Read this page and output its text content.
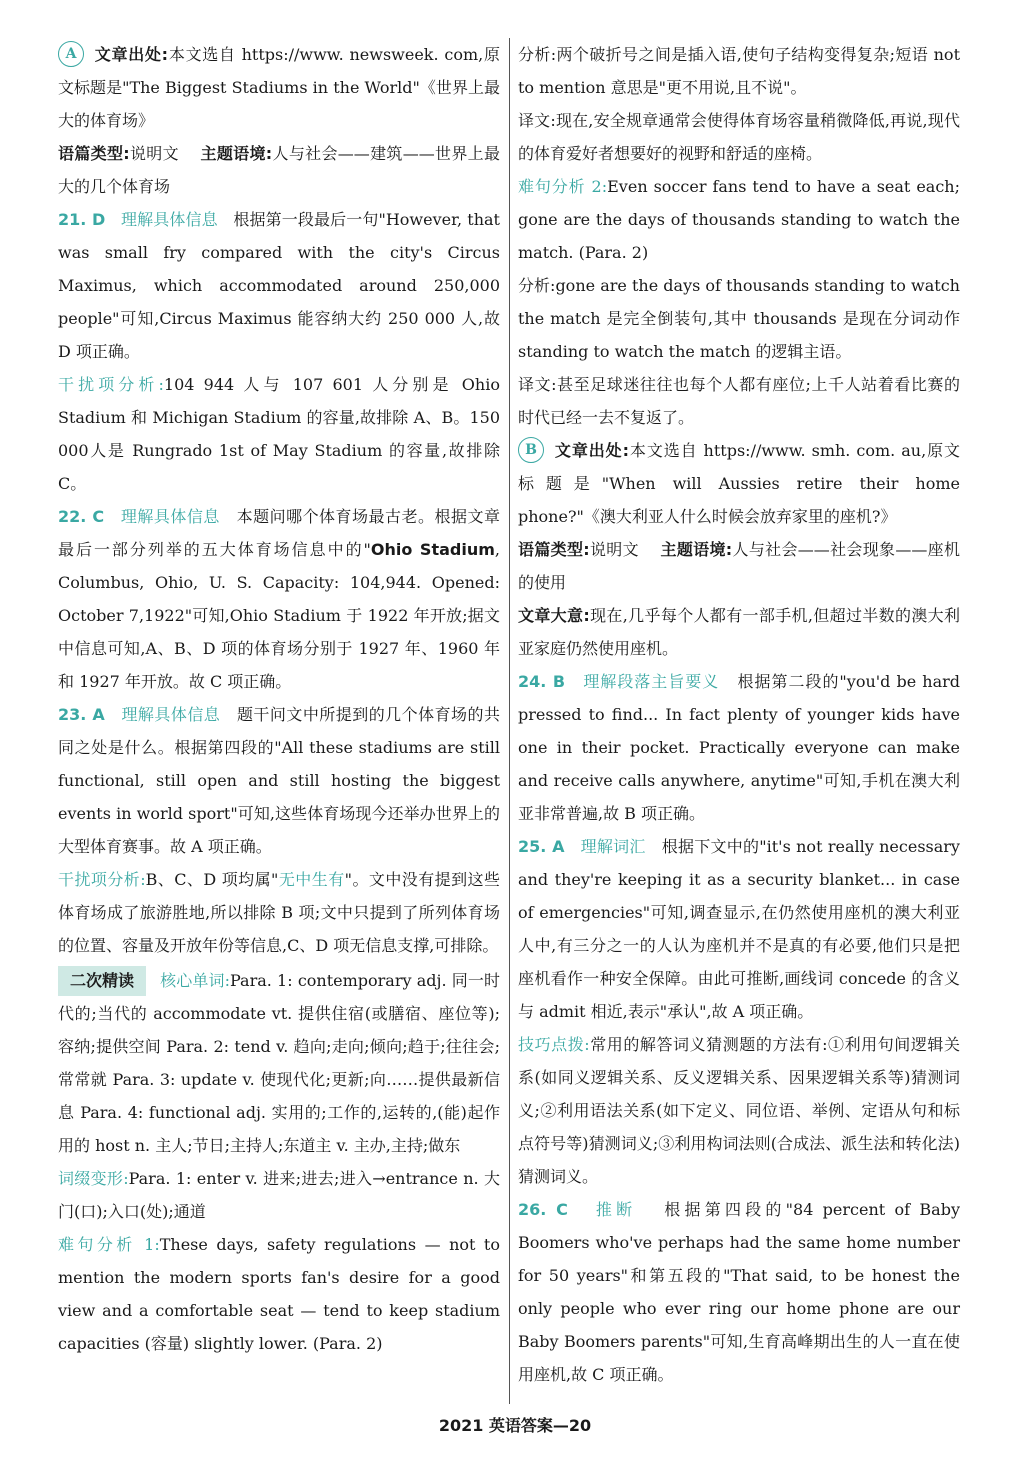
A 文章出处:本文选自 https://www. newsweek. com,原文标题是"The Biggest Stadiums in the World"《世界上最大的体育场》

语篇类型:说明文 主题语境:人与社会——建筑——世界上最大的几个体育场

21. D 理解具体信息 根据第一段最后一句"However, that was small fry compared with the city's Circus Maximus, which accommodated around 250,000 people"可知,Circus Maximus 能容纳大约 250 000 人,故 D 项正确。

干扰项分析:104 944 人与 107 601 人分别是 Ohio Stadium 和 Michigan Stadium 的容量,故排除 A、B。150 000人是 Rungrado 1st of May Stadium 的容量,故排除 C。

22. C 理解具体信息 本题问哪个体育场最古老。根据文章最后一部分列举的五大体育场信息中的"Ohio Stadium, Columbus, Ohio, U. S. Capacity: 104,944. Opened: October 7,1922"可知,Ohio Stadium 于 1922 年开放;据文中信息可知,A、B、D 项的体育场分别于 1927 年、1960 年和 1927 年开放。故 C 项正确。

23. A 理解具体信息 题干问文中所提到的几个体育场的共同之处是什么。根据第四段的"All these stadiums are still functional, still open and still hosting the biggest events in world sport"可知,这些体育场现今还举办世界上的大型体育赛事。故 A 项正确。

干扰项分析:B、C、D 项均属"无中生有"。文中没有提到这些体育场成了旅游胜地,所以排除 B 项;文中只提到了所列体育场的位置、容量及开放年份等信息,C、D 项无信息支撑,可排除。

二次精读 核心单词:Para. 1: contemporary adj. 同一时代的;当代的 accommodate vt. 提供住宿(或膳宿、座位等);容纳;提供空间 Para. 2: tend v. 趋向;走向;倾向;趋于;往往会;常常就 Para. 3: update v. 使现代化;更新;向……提供最新信息 Para. 4: functional adj. 实用的;工作的,运转的,(能)起作用的 host n. 主人;节日;主持人;东道主 v. 主办,主持;做东

词缀变形:Para. 1: enter v. 进来;进去;进入→entrance n. 大门(口);入口(处);通道

难句分析 1:These days, safety regulations — not to mention the modern sports fan's desire for a good view and a comfortable seat — tend to keep stadium capacities (容量) slightly lower. (Para. 2)

分析:两个破折号之间是插入语,使句子结构变得复杂;短语 not to mention 意思是"更不用说,且不说"。

译文:现在,安全规章通常会使得体育场容量稍微降低,再说,现代的体育爱好者想要好的视野和舒适的座椅。

难句分析 2:Even soccer fans tend to have a seat each; gone are the days of thousands standing to watch the match. (Para. 2)

分析:gone are the days of thousands standing to watch the match 是完全倒装句,其中 thousands 是现在分词动作 standing to watch the match 的逻辑主语。

译文:甚至足球迷往往也每个人都有座位;上千人站着看比赛的时代已经一去不复返了。

B 文章出处:本文选自 https://www. smh. com. au,原文标题是"When will Aussies retire their home phone?"《澳大利亚人什么时候会放弃家里的座机?》

语篇类型:说明文 主题语境:人与社会——社会现象——座机的使用

文章大意:现在,几乎每个人都有一部手机,但超过半数的澳大利亚家庭仍然使用座机。

24. B 理解段落主旨要义 根据第二段的"you'd be hard pressed to find... In fact plenty of younger kids have one in their pocket. Practically everyone can make and receive calls anywhere, anytime"可知,手机在澳大利亚非常普遍,故 B 项正确。

25. A 理解词汇 根据下文中的"it's not really necessary and they're keeping it as a security blanket... in case of emergencies"可知,调查显示,在仍然使用座机的澳大利亚人中,有三分之一的人认为座机并不是真的有必要,他们只是把座机看作一种安全保障。由此可推断,画线词 concede 的含义与 admit 相近,表示"承认",故 A 项正确。

技巧点拨:常用的解答词义猜测题的方法有:①利用句间逻辑关系(如同义逻辑关系、反义逻辑关系、因果逻辑关系等)猜测词义;②利用语法关系(如下定义、同位语、举例、定语从句和标点符号等)猜测词义;③利用构词法则(合成法、派生法和转化法)猜测词义。

26. C 推断 根据第四段的"84 percent of Baby Boomers who've perhaps had the same home number for 50 years"和第五段的"That said, to be honest the only people who ever ring our home phone are our Baby Boomers parents"可知,生育高峰期出生的人一直在使用座机,故 C 项正确。

2021 英语答案—20
